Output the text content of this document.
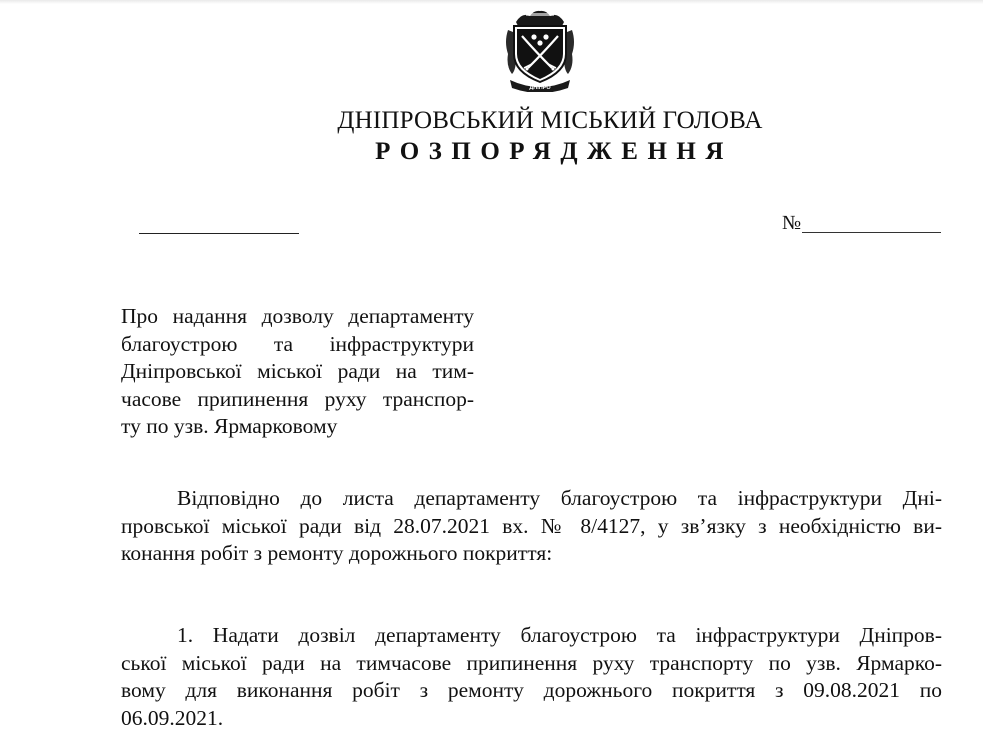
ДНІПРО
ДНІПРОВСЬКИЙ МІСЬКИЙ ГОЛОВА
РОЗПОРЯДЖЕННЯ
№
Про надання дозволу департаменту
благоустрою та інфраструктури
Дніпровської міської ради на тим-
часове припинення руху транспор-
ту по узв. Ярмарковому
Відповідно до листа департаменту благоустрою та інфраструктури Дні-
провської міської ради від 28.07.2021 вх. № 8/4127, у зв’язку з необхідністю ви-
конання робіт з ремонту дорожнього покриття:
1. Надати дозвіл департаменту благоустрою та інфраструктури Дніпров-
ської міської ради на тимчасове припинення руху транспорту по узв. Ярмарко-
вому для виконання робіт з ремонту дорожнього покриття з 09.08.2021 по
06.09.2021.
